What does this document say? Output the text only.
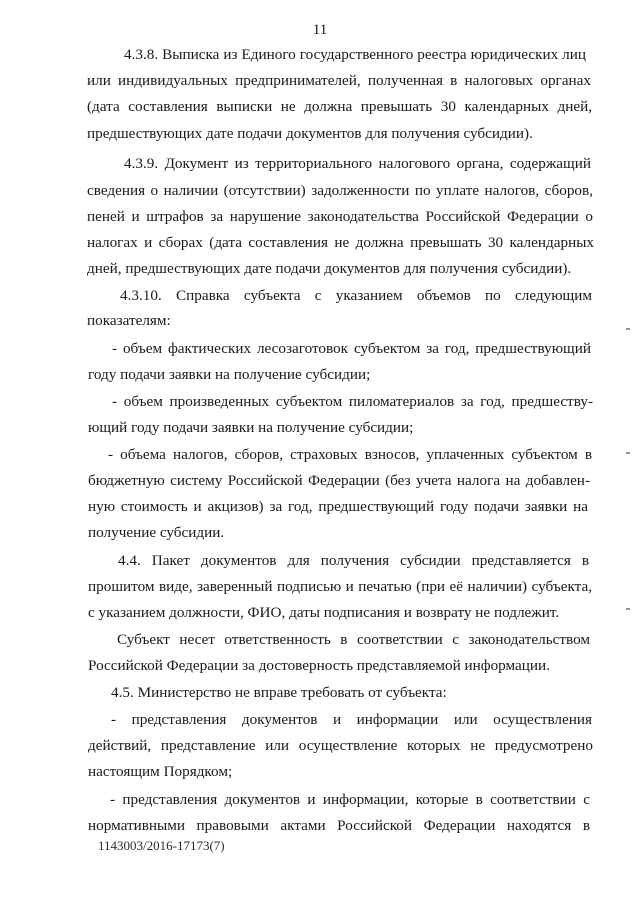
11
4.3.8. Выписка из Единого государственного реестра юридических лиц
или индивидуальных предпринимателей, полученная в налоговых органах
(дата составления выписки не должна превышать 30 календарных дней,
предшествующих дате подачи документов для получения субсидии).
4.3.9. Документ из территориального налогового органа, содержащий
сведения о наличии (отсутствии) задолженности по уплате налогов, сборов,
пеней и штрафов за нарушение законодательства Российской Федерации о
налогах и сборах (дата составления не должна превышать 30 календарных
дней, предшествующих дате подачи документов для получения субсидии).
4.3.10. Справка субъекта с указанием объемов по следующим
показателям:
- объем фактических лесозаготовок субъектом за год, предшествующий
году подачи заявки на получение субсидии;
- объем произведенных субъектом пиломатериалов за год, предшеству-
ющий году подачи заявки на получение субсидии;
- объема налогов, сборов, страховых взносов, уплаченных субъектом в
бюджетную систему Российской Федерации (без учета налога на добавлен-
ную стоимость и акцизов) за год, предшествующий году подачи заявки на
получение субсидии.
4.4. Пакет документов для получения субсидии представляется в
прошитом виде, заверенный подписью и печатью (при её наличии) субъекта,
с указанием должности, ФИО, даты подписания и возврату не подлежит.
Субъект несет ответственность в соответствии с законодательством
Российской Федерации за достоверность представляемой информации.
4.5. Министерство не вправе требовать от субъекта:
- представления документов и информации или осуществления
действий, представление или осуществление которых не предусмотрено
настоящим Порядком;
- представления документов и информации, которые в соответствии с
нормативными правовыми актами Российской Федерации находятся в
1143003/2016-17173(7)
